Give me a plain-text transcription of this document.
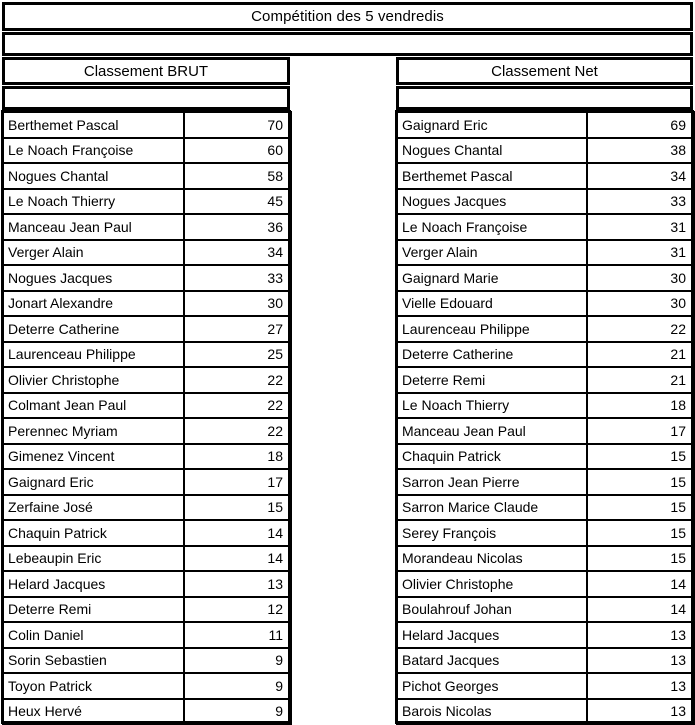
Compétition des 5 vendredis
Classement BRUT	Classement Net
Berthemet Pascal	70
Le Noach Françoise	60
Nogues Chantal	58
Le Noach Thierry	45
Manceau Jean Paul	36
Verger Alain	34
Nogues Jacques	33
Jonart Alexandre	30
Deterre Catherine	27
Laurenceau Philippe	25
Olivier Christophe	22
Colmant Jean Paul	22
Perennec Myriam	22
Gimenez Vincent	18
Gaignard Eric	17
Zerfaine José	15
Chaquin Patrick	14
Lebeaupin Eric	14
Helard Jacques	13
Deterre Remi	12
Colin Daniel	11
Sorin Sebastien	9
Toyon Patrick	9
Heux Hervé	9
Gaignard Eric	69
Nogues Chantal	38
Berthemet Pascal	34
Nogues Jacques	33
Le Noach Françoise	31
Verger Alain	31
Gaignard Marie	30
Vielle Edouard	30
Laurenceau Philippe	22
Deterre Catherine	21
Deterre Remi	21
Le Noach Thierry	18
Manceau Jean Paul	17
Chaquin Patrick	15
Sarron Jean Pierre	15
Sarron Marice Claude	15
Serey François	15
Morandeau Nicolas	15
Olivier Christophe	14
Boulahrouf Johan	14
Helard Jacques	13
Batard Jacques	13
Pichot Georges	13
Barois Nicolas	13
